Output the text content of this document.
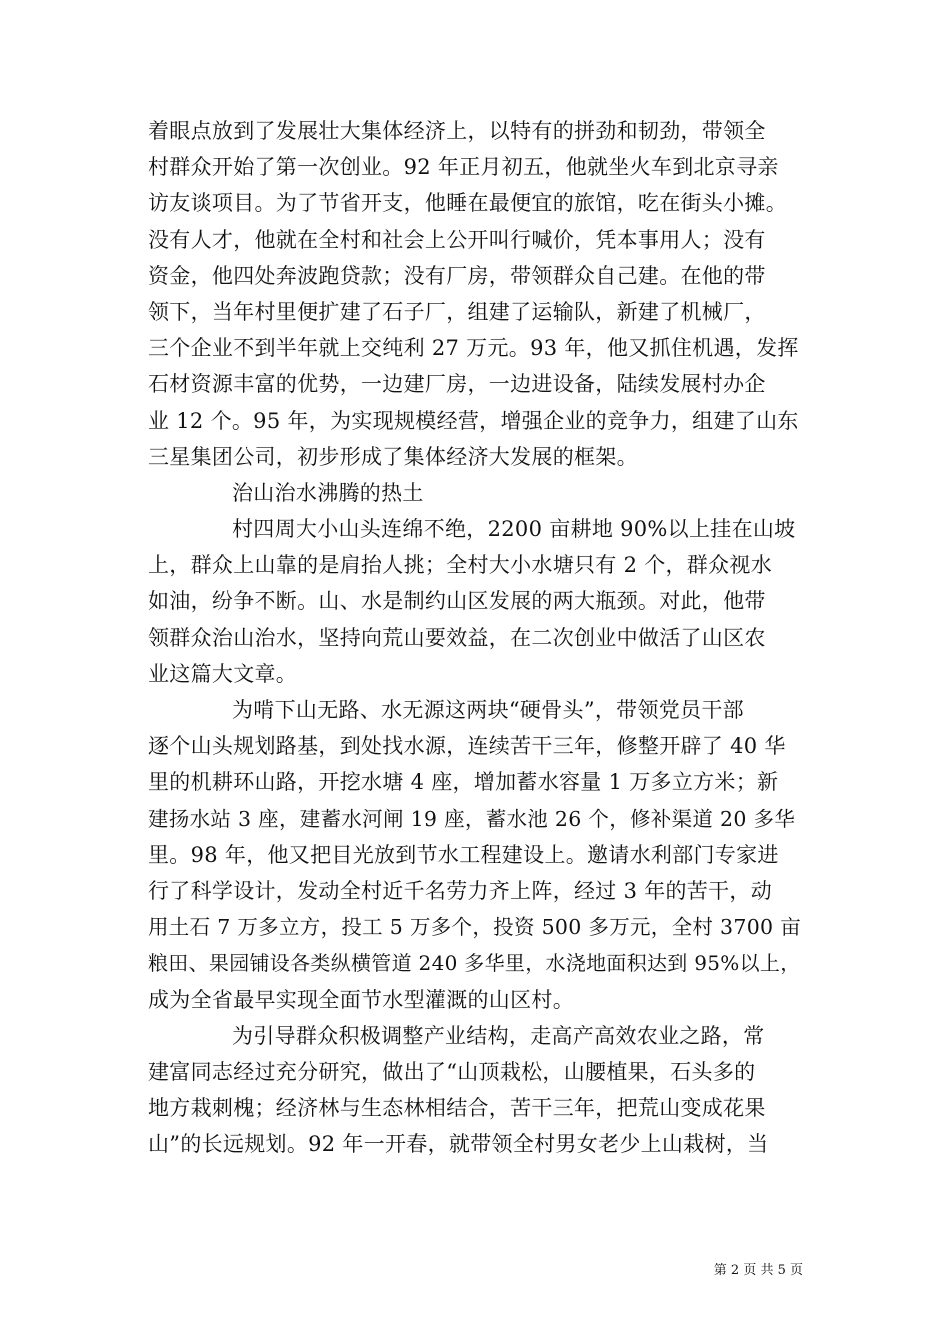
着眼点放到了发展壮大集体经济上，以特有的拼劲和韧劲，带领全
村群众开始了第一次创业。92 年正月初五，他就坐火车到北京寻亲
访友谈项目。为了节省开支，他睡在最便宜的旅馆，吃在街头小摊。
没有人才，他就在全村和社会上公开叫行喊价，凭本事用人；没有
资金，他四处奔波跑贷款；没有厂房，带领群众自己建。在他的带
领下，当年村里便扩建了石子厂，组建了运输队，新建了机械厂，
三个企业不到半年就上交纯利 27 万元。93 年，他又抓住机遇，发挥
石材资源丰富的优势，一边建厂房，一边进设备，陆续发展村办企
业 12 个。95 年，为实现规模经营，增强企业的竞争力，组建了山东
三星集团公司，初步形成了集体经济大发展的框架。
治山治水沸腾的热土
村四周大小山头连绵不绝，2200 亩耕地 90%以上挂在山坡
上，群众上山靠的是肩抬人挑；全村大小水塘只有 2 个，群众视水
如油，纷争不断。山、水是制约山区发展的两大瓶颈。对此，他带
领群众治山治水，坚持向荒山要效益，在二次创业中做活了山区农
业这篇大文章。
为啃下山无路、水无源这两块“硬骨头”，带领党员干部
逐个山头规划路基，到处找水源，连续苦干三年，修整开辟了 40 华
里的机耕环山路，开挖水塘 4 座，增加蓄水容量 1 万多立方米；新
建扬水站 3 座，建蓄水河闸 19 座，蓄水池 26 个，修补渠道 20 多华
里。98 年，他又把目光放到节水工程建设上。邀请水利部门专家进
行了科学设计，发动全村近千名劳力齐上阵，经过 3 年的苦干，动
用土石 7 万多立方，投工 5 万多个，投资 500 多万元，全村 3700 亩
粮田、果园铺设各类纵横管道 240 多华里，水浇地面积达到 95%以上，
成为全省最早实现全面节水型灌溉的山区村。
为引导群众积极调整产业结构，走高产高效农业之路，常
建富同志经过充分研究，做出了“山顶栽松，山腰植果，石头多的
地方栽刺槐；经济林与生态林相结合，苦干三年，把荒山变成花果
山”的长远规划。92 年一开春，就带领全村男女老少上山栽树，当
第 2 页 共 5 页
